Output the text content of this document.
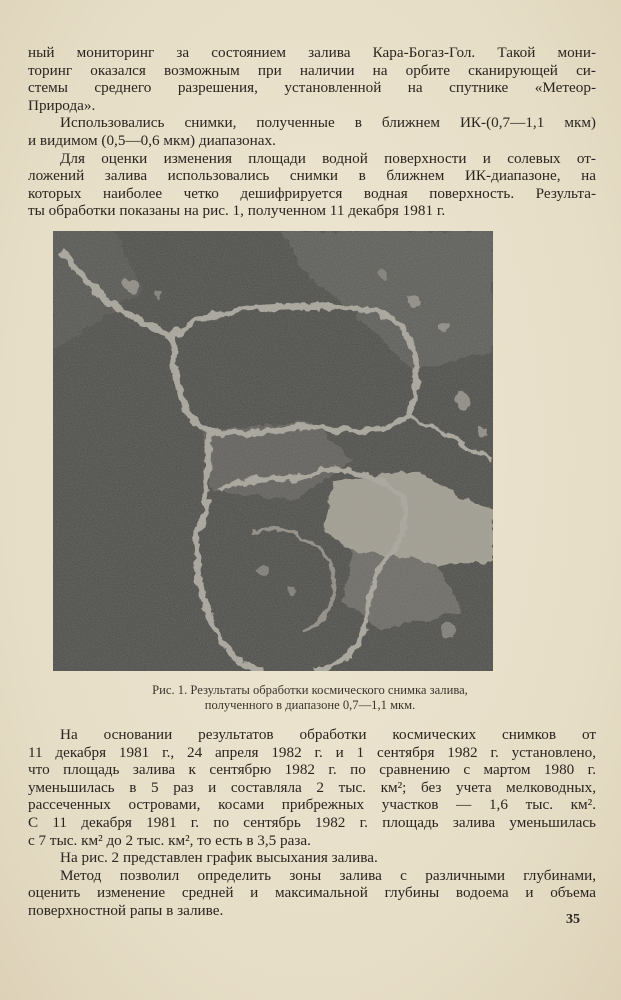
ный мониторинг за состоянием залива Кара-Богаз-Гол. Такой мони-
торинг оказался возможным при наличии на орбите сканирующей си-
стемы среднего разрешения, установленной на спутнике «Метеор-
Природа».

Использовались снимки, полученные в ближнем ИК-(0,7—1,1 мкм)
и видимом (0,5—0,6 мкм) диапазонах.

Для оценки изменения площади водной поверхности и солевых от-
ложений залива использовались снимки в ближнем ИК-диапазоне, на
которых наиболее четко дешифрируется водная поверхность. Результа-
ты обработки показаны на рис. 1, полученном 11 декабря 1981 г.

Рис. 1. Результаты обработки космического снимка залива,
полученного в диапазоне 0,7—1,1 мкм.

На основании результатов обработки космических снимков от
11 декабря 1981 г., 24 апреля 1982 г. и 1 сентября 1982 г. установлено,
что площадь залива к сентябрю 1982 г. по сравнению с мартом 1980 г.
уменьшилась в 5 раз и составляла 2 тыс. км²; без учета мелководных,
рассеченных островами, косами прибрежных участков — 1,6 тыс. км².
С 11 декабря 1981 г. по сентябрь 1982 г. площадь залива уменьшилась
с 7 тыс. км² до 2 тыс. км², то есть в 3,5 раза.

На рис. 2 представлен график высыхания залива.

Метод позволил определить зоны залива с различными глубинами,
оценить изменение средней и максимальной глубины водоема и объема
поверхностной рапы в заливе.

35
